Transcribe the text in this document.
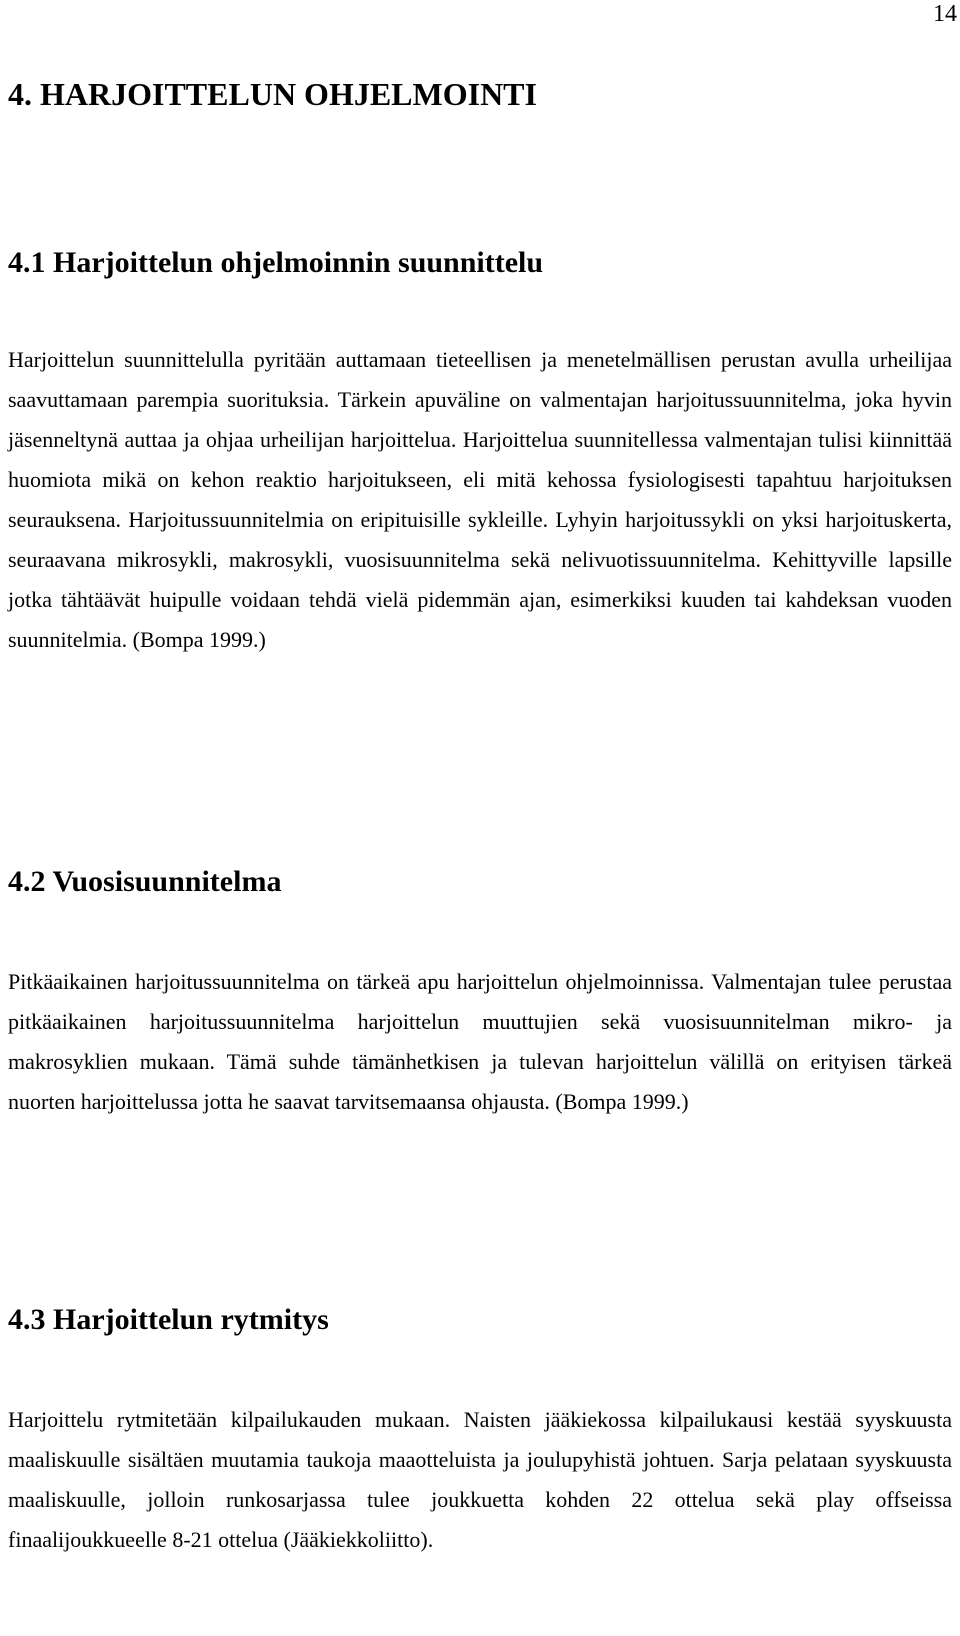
14
4. HARJOITTELUN OHJELMOINTI
4.1 Harjoittelun ohjelmoinnin suunnittelu

Harjoittelun suunnittelulla pyritään auttamaan tieteellisen ja menetelmällisen perustan avulla urheilijaa saavuttamaan parempia suorituksia. Tärkein apuväline on valmentajan harjoitussuunnitelma, joka hyvin jäsenneltynä auttaa ja ohjaa urheilijan harjoittelua. Harjoittelua suunnitellessa valmentajan tulisi kiinnittää huomiota mikä on kehon reaktio harjoitukseen, eli mitä kehossa fysiologisesti tapahtuu harjoituksen seurauksena. Harjoitussuunnitelmia on eripituisille sykleille. Lyhyin harjoitussykli on yksi harjoituskerta, seuraavana mikrosykli, makrosykli, vuosisuunnitelma sekä nelivuotissuunnitelma. Kehittyville lapsille jotka tähtäävät huipulle voidaan tehdä vielä pidemmän ajan, esimerkiksi kuuden tai kahdeksan vuoden suunnitelmia. (Bompa 1999.)

4.2 Vuosisuunnitelma

Pitkäaikainen harjoitussuunnitelma on tärkeä apu harjoittelun ohjelmoinnissa. Valmentajan tulee perustaa pitkäaikainen harjoitussuunnitelma harjoittelun muuttujien sekä vuosisuunnitelman mikro- ja makrosyklien mukaan. Tämä suhde tämänhetkisen ja tulevan harjoittelun välillä on erityisen tärkeä nuorten harjoittelussa jotta he saavat tarvitsemaansa ohjausta. (Bompa 1999.)

4.3 Harjoittelun rytmitys

Harjoittelu rytmitetään kilpailukauden mukaan. Naisten jääkiekossa kilpailukausi kestää syyskuusta maaliskuulle sisältäen muutamia taukoja maaotteluista ja joulupyhistä johtuen. Sarja pelataan syyskuusta maaliskuulle, jolloin runkosarjassa tulee joukkuetta kohden 22 ottelua sekä play offseissa finaalijoukkueelle 8-21 ottelua (Jääkiekkoliitto).
